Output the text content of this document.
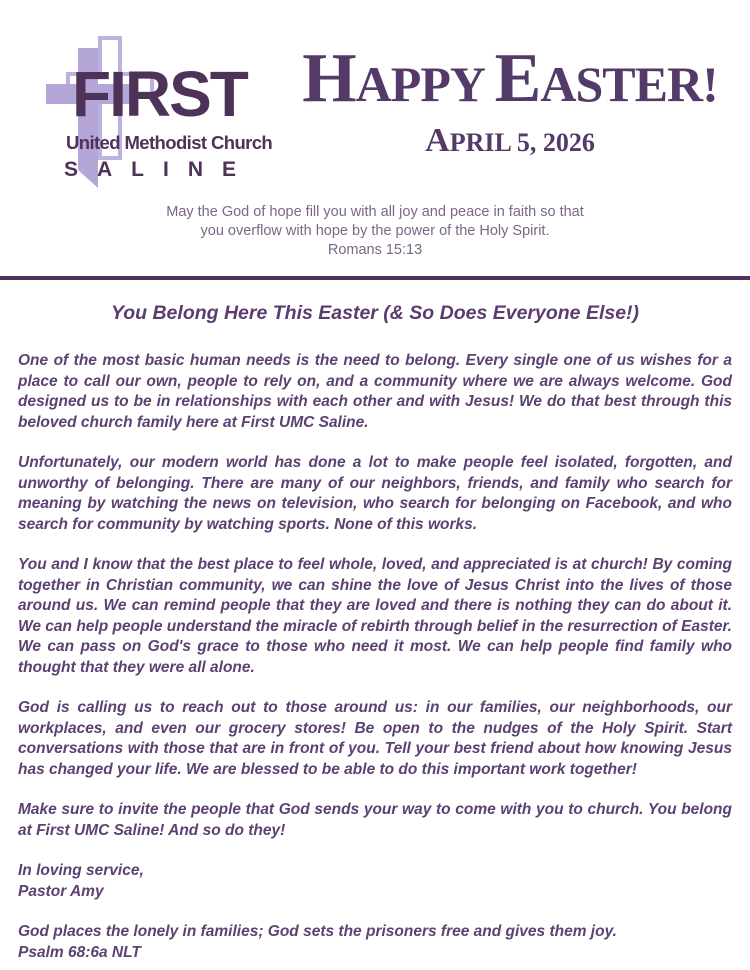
FIRST
United Methodist Church
SALINE
HAPPY EASTER!
APRIL 5, 2026
May the God of hope fill you with all joy and peace in faith so that
you overflow with hope by the power of the Holy Spirit.
Romans 15:13
You Belong Here This Easter (& So Does Everyone Else!)

One of the most basic human needs is the need to belong. Every single one of us wishes for a place to call our own, people to rely on, and a community where we are always welcome. God designed us to be in relationships with each other and with Jesus! We do that best through this beloved church family here at First UMC Saline.

Unfortunately, our modern world has done a lot to make people feel isolated, forgotten, and unworthy of belonging. There are many of our neighbors, friends, and family who search for meaning by watching the news on television, who search for belonging on Facebook, and who search for community by watching sports. None of this works.

You and I know that the best place to feel whole, loved, and appreciated is at church! By coming together in Christian community, we can shine the love of Jesus Christ into the lives of those around us. We can remind people that they are loved and there is nothing they can do about it. We can help people understand the miracle of rebirth through belief in the resurrection of Easter. We can pass on God's grace to those who need it most. We can help people find family who thought that they were all alone.

God is calling us to reach out to those around us: in our families, our neighborhoods, our workplaces, and even our grocery stores! Be open to the nudges of the Holy Spirit. Start conversations with those that are in front of you. Tell your best friend about how knowing Jesus has changed your life. We are blessed to be able to do this important work together!

Make sure to invite the people that God sends your way to come with you to church. You belong at First UMC Saline! And so do they!

In loving service,
Pastor Amy
God places the lonely in families; God sets the prisoners free and gives them joy.
Psalm 68:6a NLT
